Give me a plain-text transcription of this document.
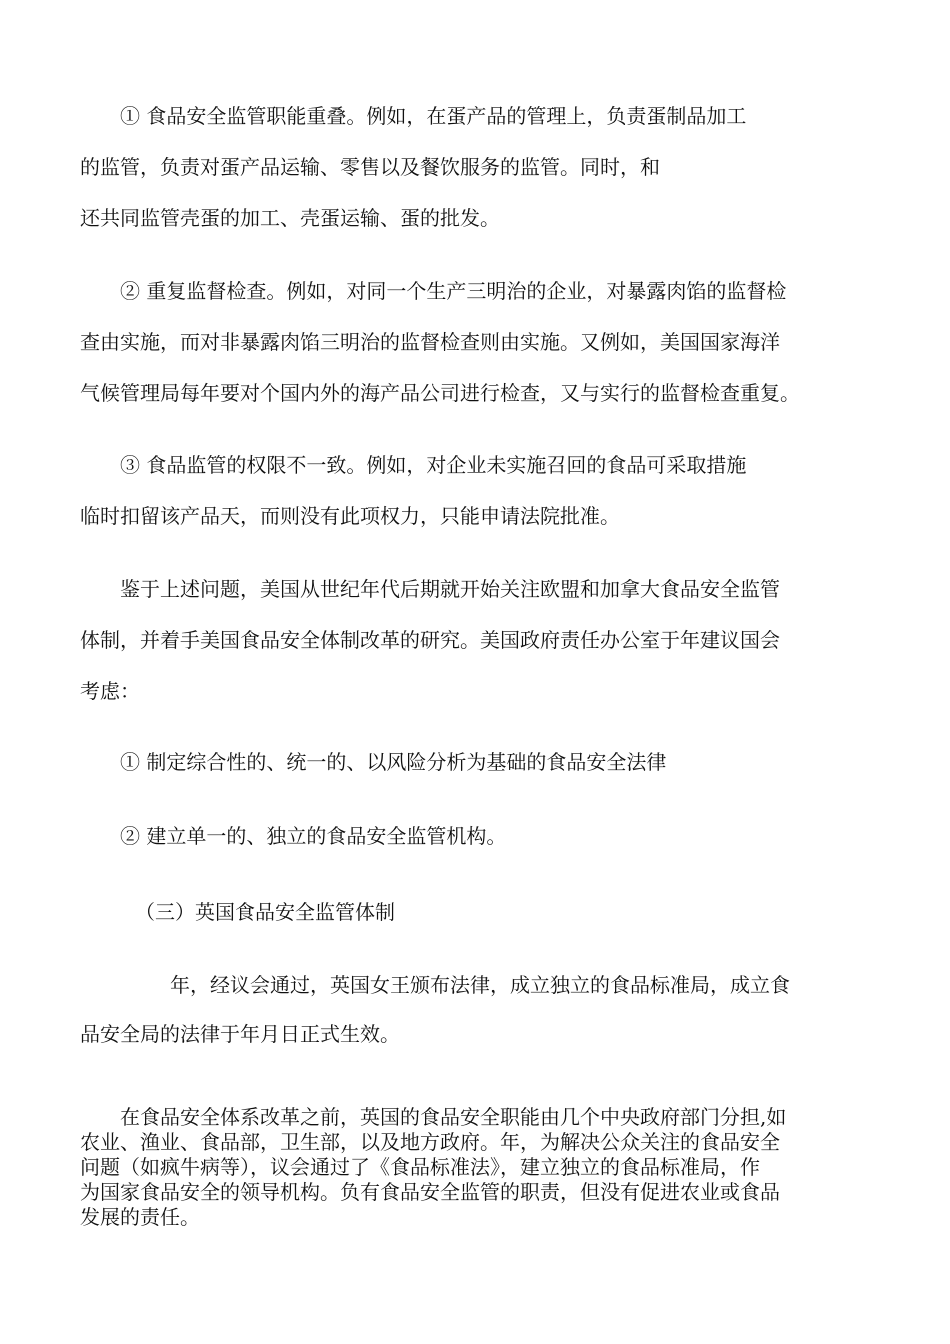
① 食品安全监管职能重叠。例如，在蛋产品的管理上，负责蛋制品加工

的监管，负责对蛋产品运输、零售以及餐饮服务的监管。同时，和

还共同监管壳蛋的加工、壳蛋运输、蛋的批发。

② 重复监督检查。例如，对同一个生产三明治的企业，对暴露肉馅的监督检

查由实施，而对非暴露肉馅三明治的监督检查则由实施。又例如，美国国家海洋

气候管理局每年要对个国内外的海产品公司进行检查，又与实行的监督检查重复。

③ 食品监管的权限不一致。例如，对企业未实施召回的食品可采取措施

临时扣留该产品天，而则没有此项权力，只能申请法院批准。

鉴于上述问题，美国从世纪年代后期就开始关注欧盟和加拿大食品安全监管

体制，并着手美国食品安全体制改革的研究。美国政府责任办公室于年建议国会

考虑：

① 制定综合性的、统一的、以风险分析为基础的食品安全法律

② 建立单一的、独立的食品安全监管机构。

（三）英国食品安全监管体制

年，经议会通过，英国女王颁布法律，成立独立的食品标准局，成立食

品安全局的法律于年月日正式生效。

在食品安全体系改革之前，英国的食品安全职能由几个中央政府部门分担,如

农业、渔业、食品部，卫生部，以及地方政府。年，为解决公众关注的食品安全

问题（如疯牛病等），议会通过了《食品标准法》，建立独立的食品标准局，作

为国家食品安全的领导机构。负有食品安全监管的职责，但没有促进农业或食品

发展的责任。
